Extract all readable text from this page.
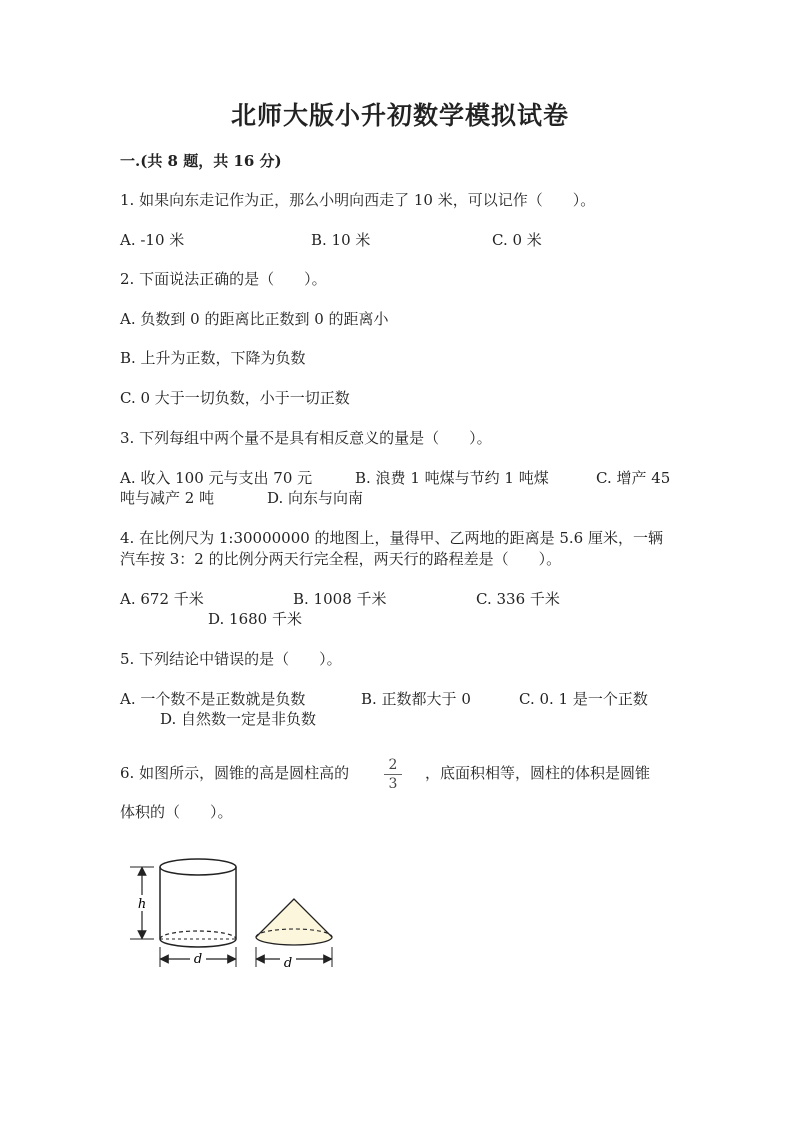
北师大版小升初数学模拟试卷
一.(共 8 题，共 16 分)
1. 如果向东走记作为正，那么小明向西走了 10 米，可以记作（　　）。
A. -10 米	B. 10 米	C. 0 米
2. 下面说法正确的是（　　）。
A. 负数到 0 的距离比正数到 0 的距离小
B. 上升为正数，下降为负数
C. 0 大于一切负数，小于一切正数
3. 下列每组中两个量不是具有相反意义的量是（　　）。
A. 收入 100 元与支出 70 元	B. 浪费 1 吨煤与节约 1 吨煤	C. 增产 45
吨与减产 2 吨	D. 向东与向南
4. 在比例尺为 1:30000000 的地图上，量得甲、乙两地的距离是 5.6 厘米，一辆
汽车按 3：2 的比例分两天行完全程，两天行的路程差是（　　）。
A. 672 千米	B. 1008 千米	C. 336 千米
D. 1680 千米
5. 下列结论中错误的是（　　）。
A. 一个数不是正数就是负数	B. 正数都大于 0	C. 0. 1 是一个正数
D. 自然数一定是非负数
6. 如图所示，圆锥的高是圆柱高的	2
3
，底面积相等，圆柱的体积是圆锥
体积的（　　）。
h
d	d
